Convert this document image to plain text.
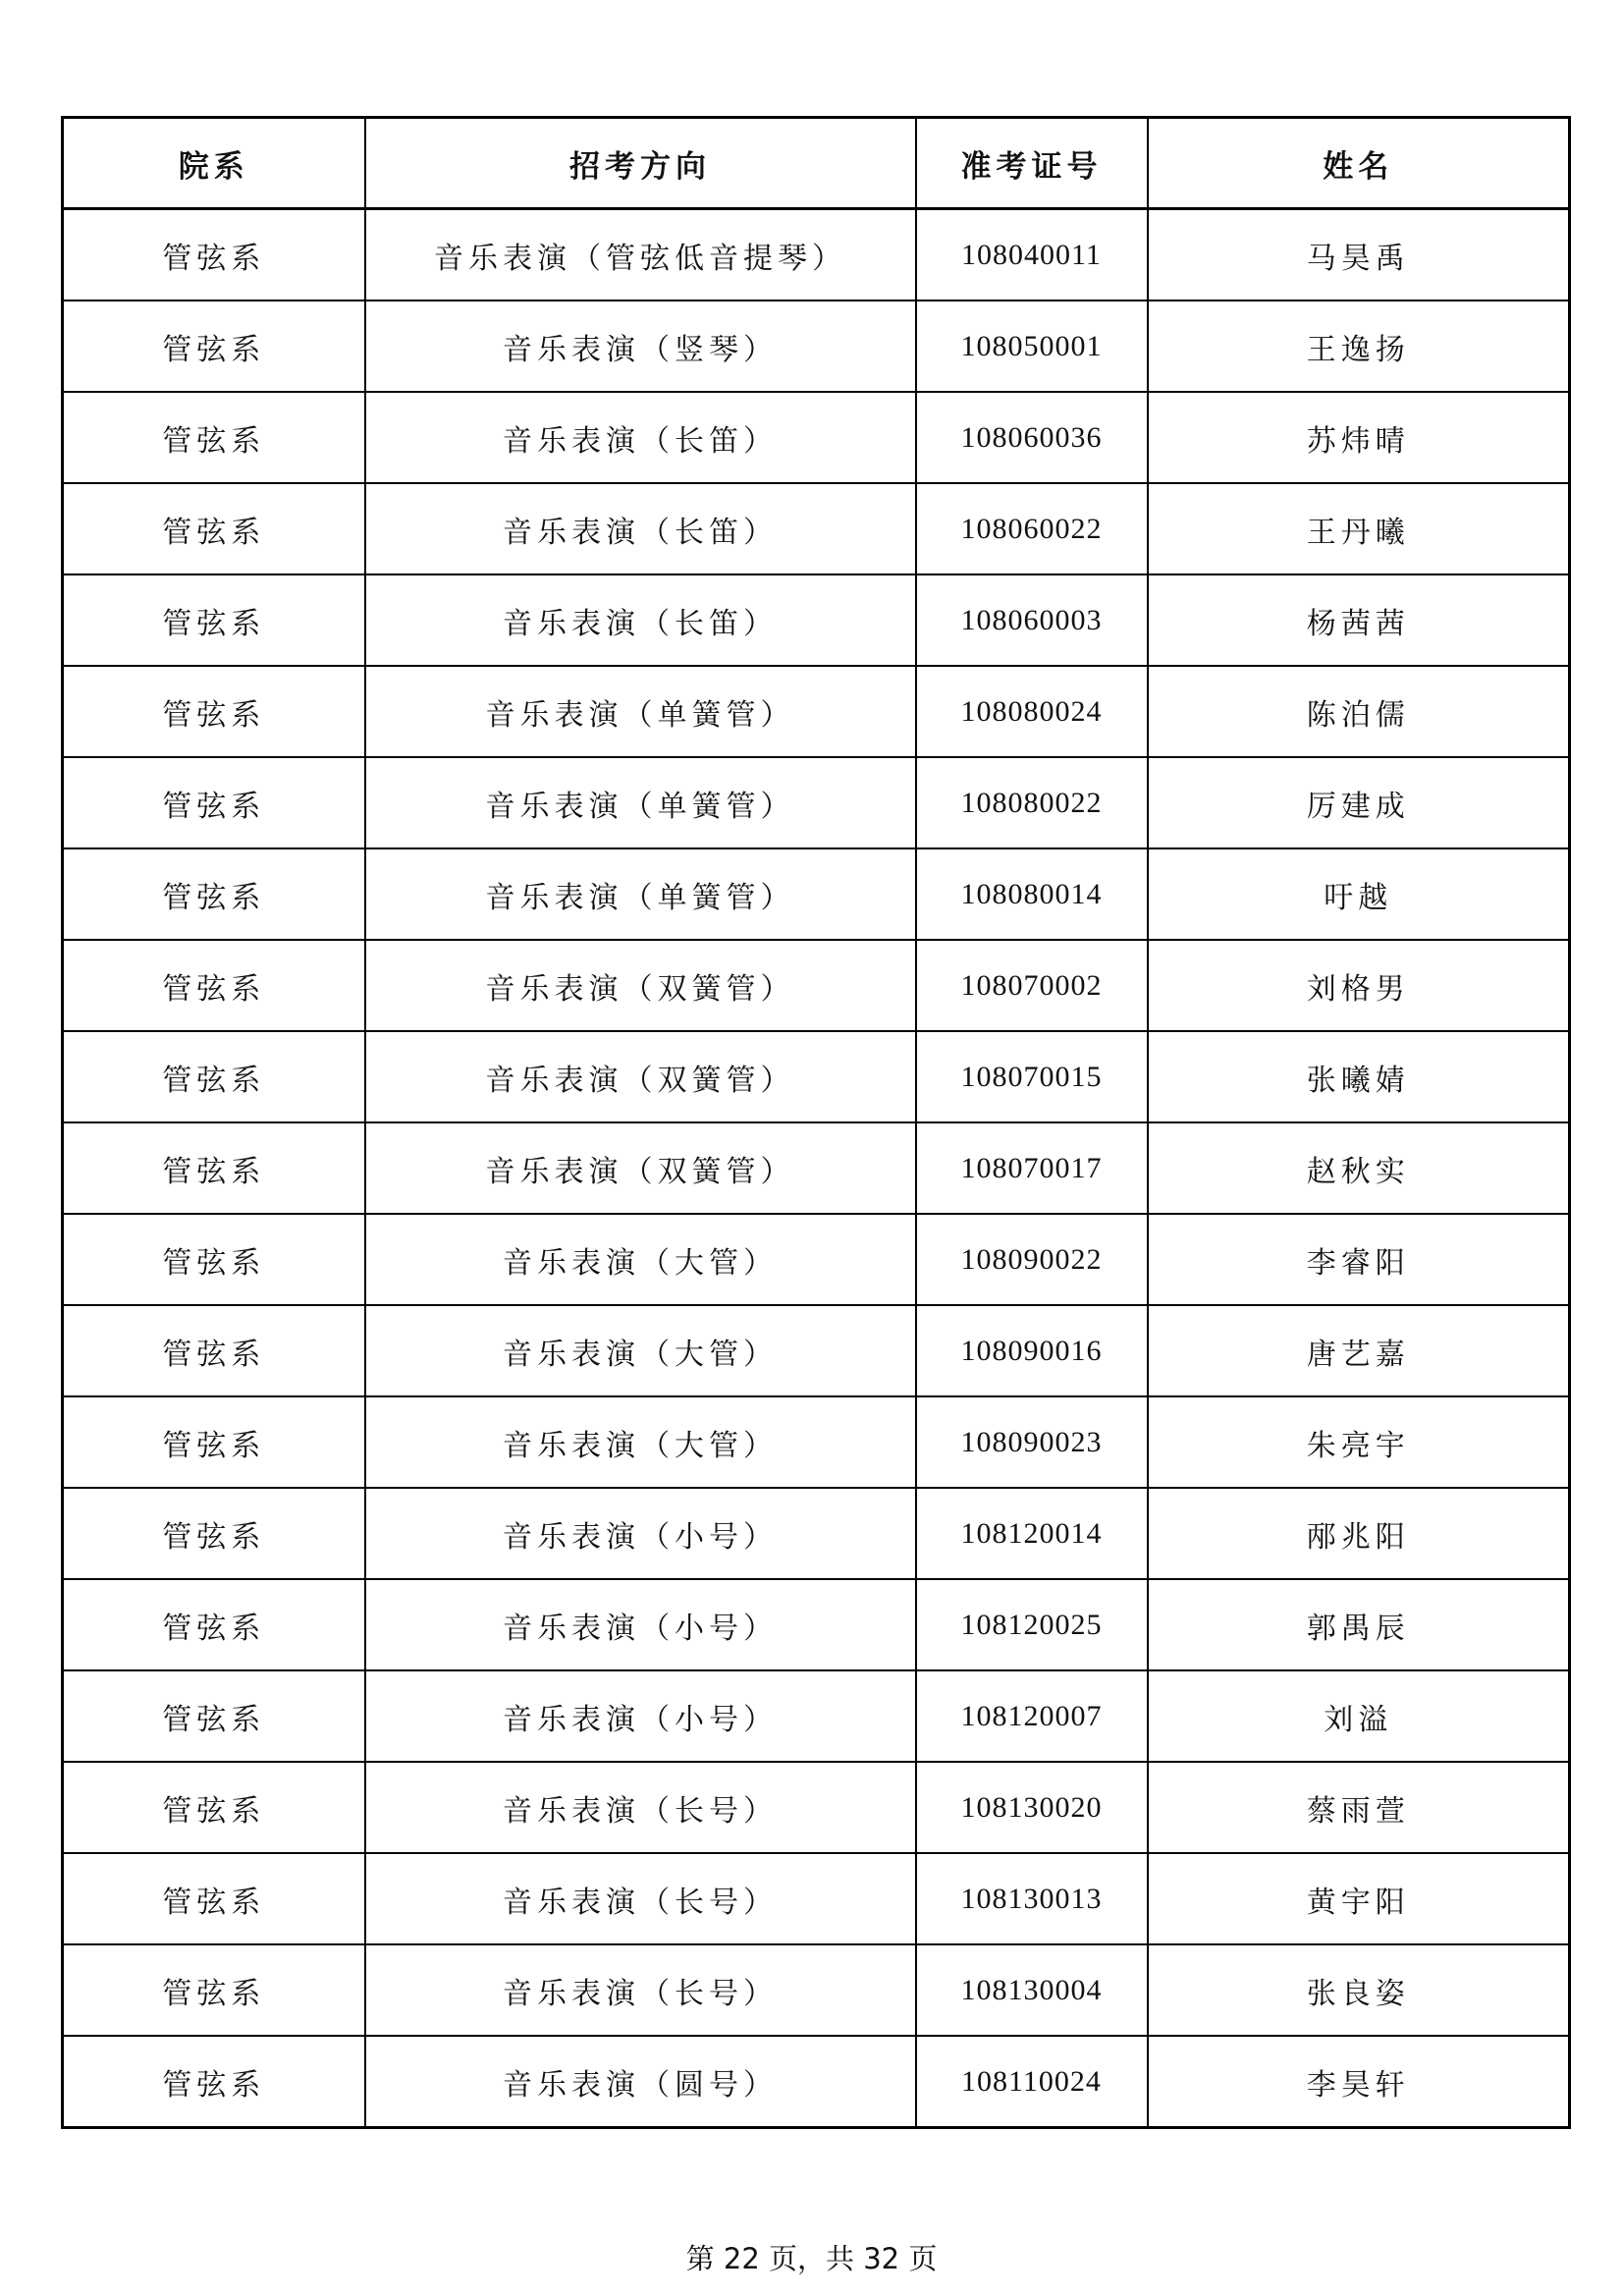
院系	招考方向	准考证号	姓名
管弦系	音乐表演（管弦低音提琴）	108040011	马昊禹
管弦系	音乐表演（竖琴）	108050001	王逸扬
管弦系	音乐表演（长笛）	108060036	苏炜晴
管弦系	音乐表演（长笛）	108060022	王丹曦
管弦系	音乐表演（长笛）	108060003	杨茜茜
管弦系	音乐表演（单簧管）	108080024	陈泊儒
管弦系	音乐表演（单簧管）	108080022	厉建成
管弦系	音乐表演（单簧管）	108080014	吁越
管弦系	音乐表演（双簧管）	108070002	刘格男
管弦系	音乐表演（双簧管）	108070015	张曦婧
管弦系	音乐表演（双簧管）	108070017	赵秋实
管弦系	音乐表演（大管）	108090022	李睿阳
管弦系	音乐表演（大管）	108090016	唐艺嘉
管弦系	音乐表演（大管）	108090023	朱亮宇
管弦系	音乐表演（小号）	108120014	邴兆阳
管弦系	音乐表演（小号）	108120025	郭禺辰
管弦系	音乐表演（小号）	108120007	刘溢
管弦系	音乐表演（长号）	108130020	蔡雨萱
管弦系	音乐表演（长号）	108130013	黄宇阳
管弦系	音乐表演（长号）	108130004	张良姿
管弦系	音乐表演（圆号）	108110024	李昊轩
第 22 页，共 32 页
